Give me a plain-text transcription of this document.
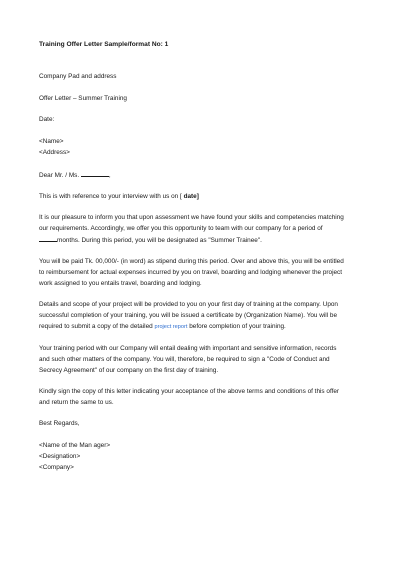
Training Offer Letter Sample/format No: 1
Company Pad and address
Offer Letter – Summer Training
Date:
<Name>
<Address>
Dear Mr. / Ms.	,
This is with reference to your interview with us on [ date]
It is our pleasure to inform you that upon assessment we have found your skills and competencies matching
our requirements. Accordingly, we offer you this opportunity to team with our company for a period of
months. During this period, you will be designated as "Summer Trainee".
You will be paid Tk. 00,000/- (in word) as stipend during this period. Over and above this, you will be entitled
to reimbursement for actual expenses incurred by you on travel, boarding and lodging whenever the project
work assigned to you entails travel, boarding and lodging.
Details and scope of your project will be provided to you on your first day of training at the company. Upon
successful completion of your training, you will be issued a certificate by (Organization Name). You will be
required to submit a copy of the detailed project report before completion of your training.
Your training period with our Company will entail dealing with important and sensitive information, records
and such other matters of the company. You will, therefore, be required to sign a "Code of Conduct and
Secrecy Agreement" of our company on the first day of training.
Kindly sign the copy of this letter indicating your acceptance of the above terms and conditions of this offer
and return the same to us.
Best Regards,
<Name of the Man ager>
<Designation>
<Company>
